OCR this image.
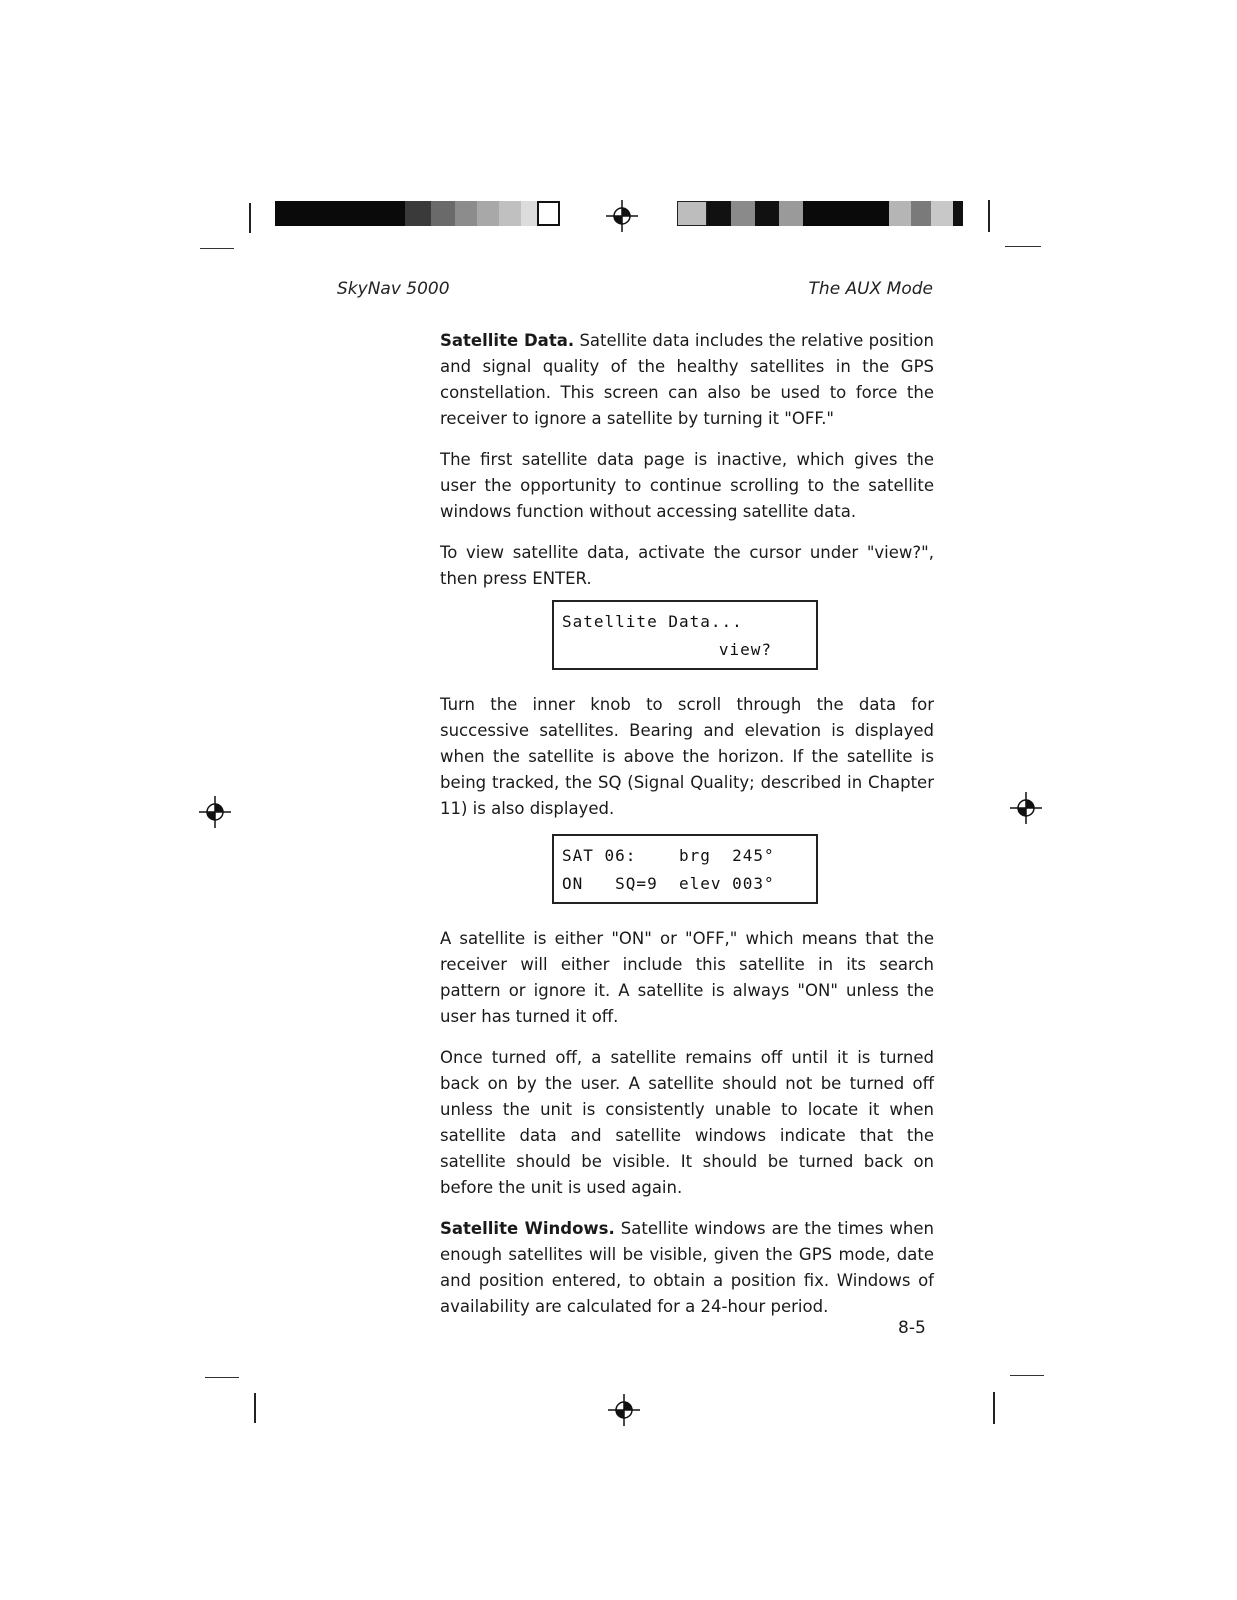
SkyNav 5000	The AUX Mode

Satellite Data. Satellite data includes the relative position and signal quality of the healthy satellites in the GPS constellation. This screen can also be used to force the receiver to ignore a satellite by turning it "OFF."

The first satellite data page is inactive, which gives the user the opportunity to continue scrolling to the satellite windows function without accessing satellite data.

To view satellite data, activate the cursor under "view?", then press ENTER.

Satellite Data...
view?

Turn the inner knob to scroll through the data for successive satellites. Bearing and elevation is displayed when the satellite is above the horizon. If the satellite is being tracked, the SQ (Signal Quality; described in Chapter 11) is also displayed.

SAT 06:    brg  245°
ON   SQ=9  elev 003°

A satellite is either "ON" or "OFF," which means that the receiver will either include this satellite in its search pattern or ignore it. A satellite is always "ON" unless the user has turned it off.

Once turned off, a satellite remains off until it is turned back on by the user. A satellite should not be turned off unless the unit is consistently unable to locate it when satellite data and satellite windows indicate that the satellite should be visible. It should be turned back on before the unit is used again.

Satellite Windows. Satellite windows are the times when enough satellites will be visible, given the GPS mode, date and position entered, to obtain a position fix. Windows of availability are calculated for a 24-hour period.

8-5
